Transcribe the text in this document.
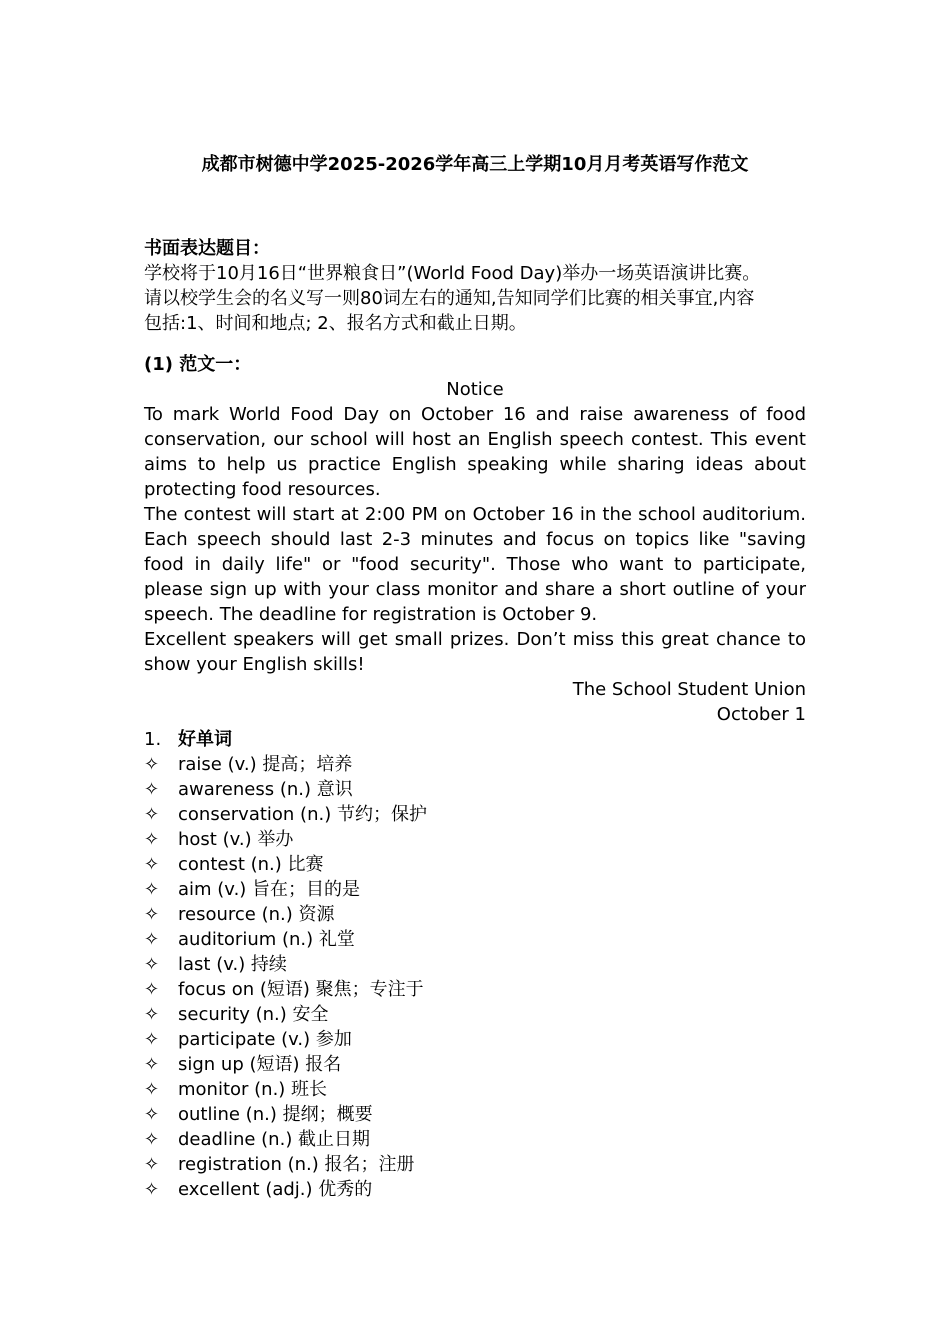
成都市树德中学2025-2026学年高三上学期10月月考英语写作范文

书面表达题目：

学校将于10月16日“世界粮食日”(World Food Day)举办一场英语演讲比赛。

请以校学生会的名义写一则80词左右的通知,告知同学们比赛的相关事宜,内容

包括:1、时间和地点; 2、报名方式和截止日期。

(1) 范文一：

Notice

To mark World Food Day on October 16 and raise awareness of food conservation, our school will host an English speech contest. This event aims to help us practice English speaking while sharing ideas about protecting food resources.

The contest will start at 2:00 PM on October 16 in the school auditorium. Each speech should last 2-3 minutes and focus on topics like "saving food in daily life" or "food security". Those who want to participate, please sign up with your class monitor and share a short outline of your speech. The deadline for registration is October 9.

Excellent speakers will get small prizes. Don’t miss this great chance to show your English skills!

The School Student Union

October 1

1. 好单词
✧	raise (v.) 提高；培养
✧	awareness (n.) 意识
✧	conservation (n.) 节约；保护
✧	host (v.) 举办
✧	contest (n.) 比赛
✧	aim (v.) 旨在；目的是
✧	resource (n.) 资源
✧	auditorium (n.) 礼堂
✧	last (v.) 持续
✧	focus on (短语) 聚焦；专注于
✧	security (n.) 安全
✧	participate (v.) 参加
✧	sign up (短语) 报名
✧	monitor (n.) 班长
✧	outline (n.) 提纲；概要
✧	deadline (n.) 截止日期
✧	registration (n.) 报名；注册
✧	excellent (adj.) 优秀的
